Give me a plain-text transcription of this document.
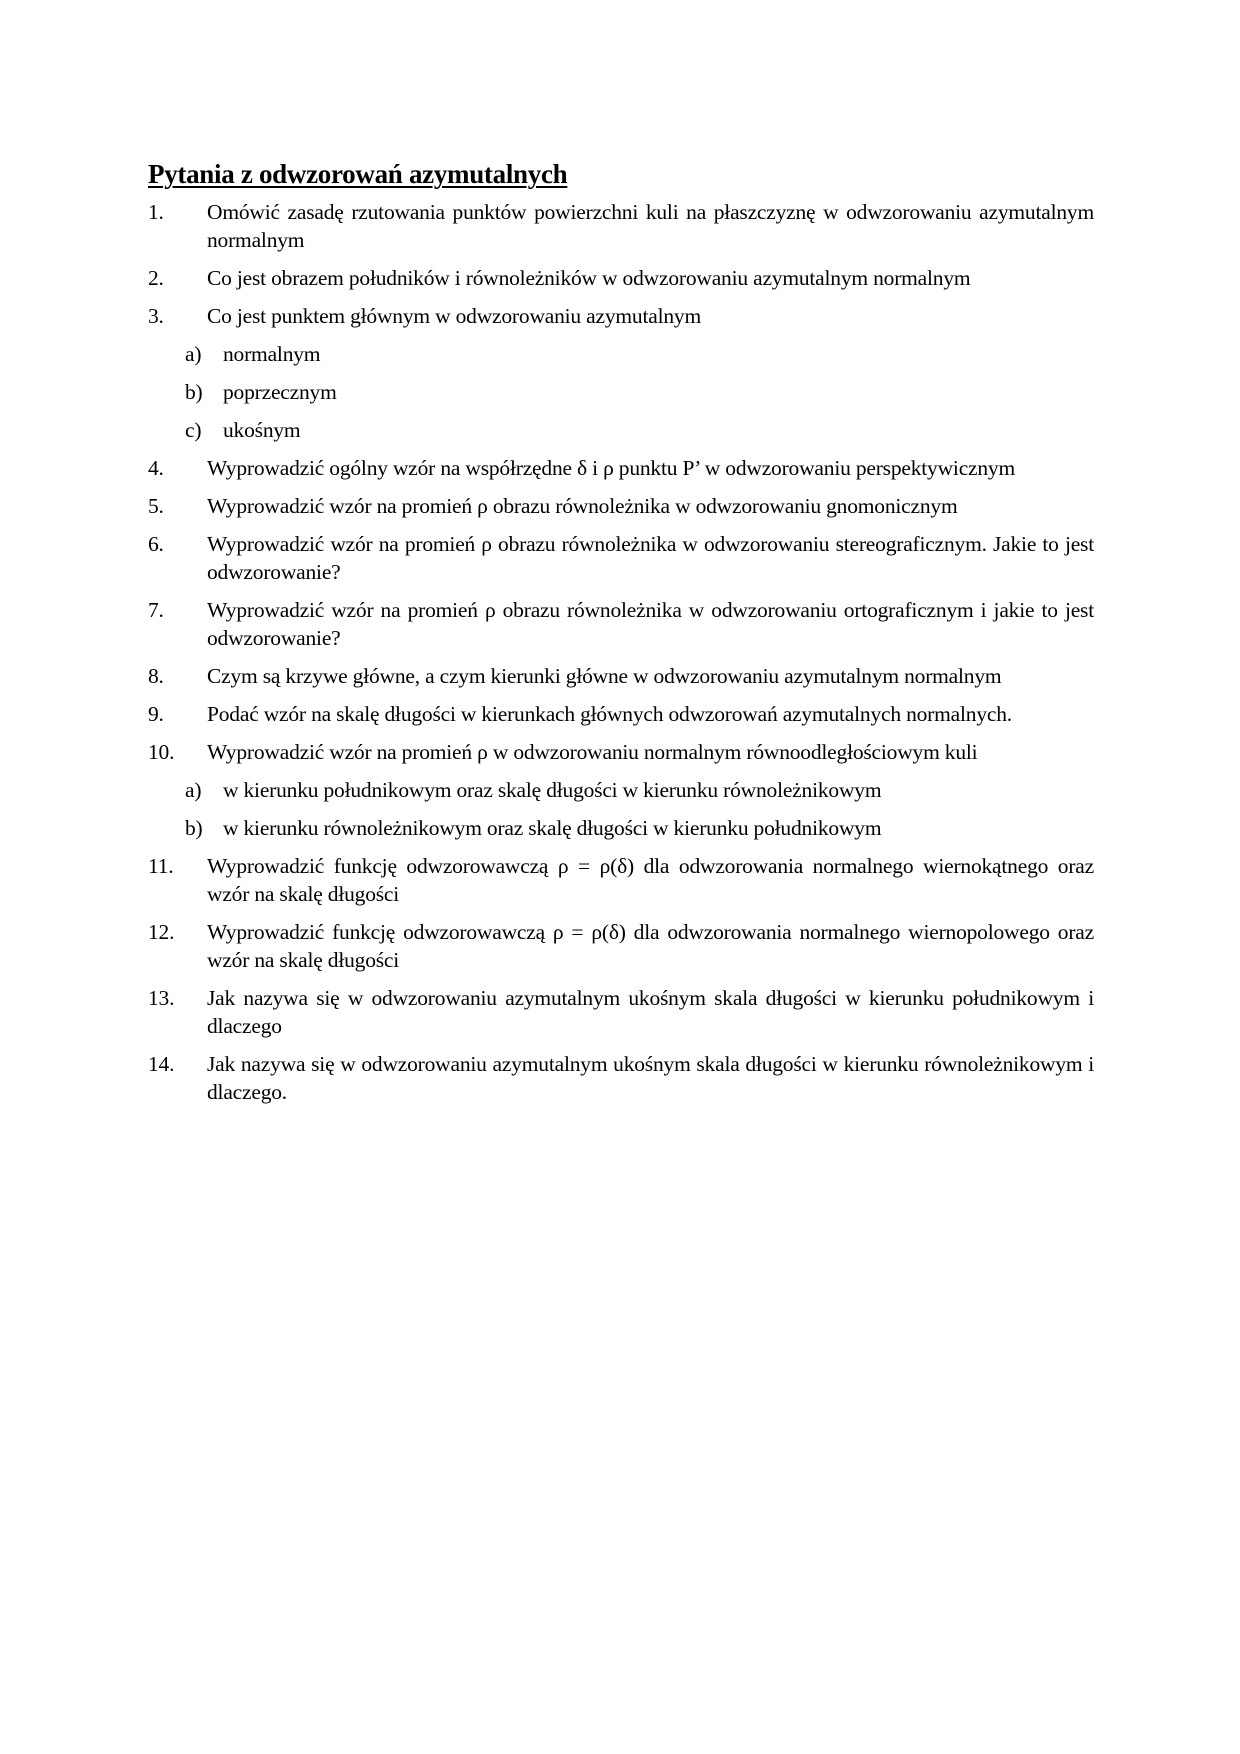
Pytania z odwzorowań azymutalnych
1. Omówić zasadę rzutowania punktów powierzchni kuli na płaszczyznę w odwzorowaniu azymutalnym normalnym
2. Co jest obrazem południków i równoleżników w odwzorowaniu azymutalnym normalnym
3. Co jest punktem głównym w odwzorowaniu azymutalnym
a) normalnym
b) poprzecznym
c) ukośnym
4. Wyprowadzić ogólny wzór na współrzędne δ i ρ punktu P’ w odwzorowaniu perspektywicznym
5. Wyprowadzić wzór na promień ρ obrazu równoleżnika w odwzorowaniu gnomonicznym
6. Wyprowadzić wzór na promień ρ obrazu równoleżnika w odwzorowaniu stereograficznym. Jakie to jest odwzorowanie?
7. Wyprowadzić wzór na promień ρ obrazu równoleżnika w odwzorowaniu ortograficznym i jakie to jest odwzorowanie?
8. Czym są krzywe główne, a czym kierunki główne w odwzorowaniu azymutalnym normalnym
9. Podać wzór na skalę długości w kierunkach głównych odwzorowań azymutalnych normalnych.
10. Wyprowadzić wzór na promień ρ w odwzorowaniu normalnym równoodległościowym kuli
a) w kierunku południkowym oraz skalę długości w kierunku równoleżnikowym
b) w kierunku równoleżnikowym oraz skalę długości w kierunku południkowym
11. Wyprowadzić funkcję odwzorowawczą ρ = ρ(δ) dla odwzorowania normalnego wiernokątnego oraz wzór na skalę długości
12. Wyprowadzić funkcję odwzorowawczą ρ = ρ(δ) dla odwzorowania normalnego wiernopolowego oraz wzór na skalę długości
13. Jak nazywa się w odwzorowaniu azymutalnym ukośnym skala długości w kierunku południkowym i dlaczego
14. Jak nazywa się w odwzorowaniu azymutalnym ukośnym skala długości w kierunku równoleżnikowym i dlaczego.
